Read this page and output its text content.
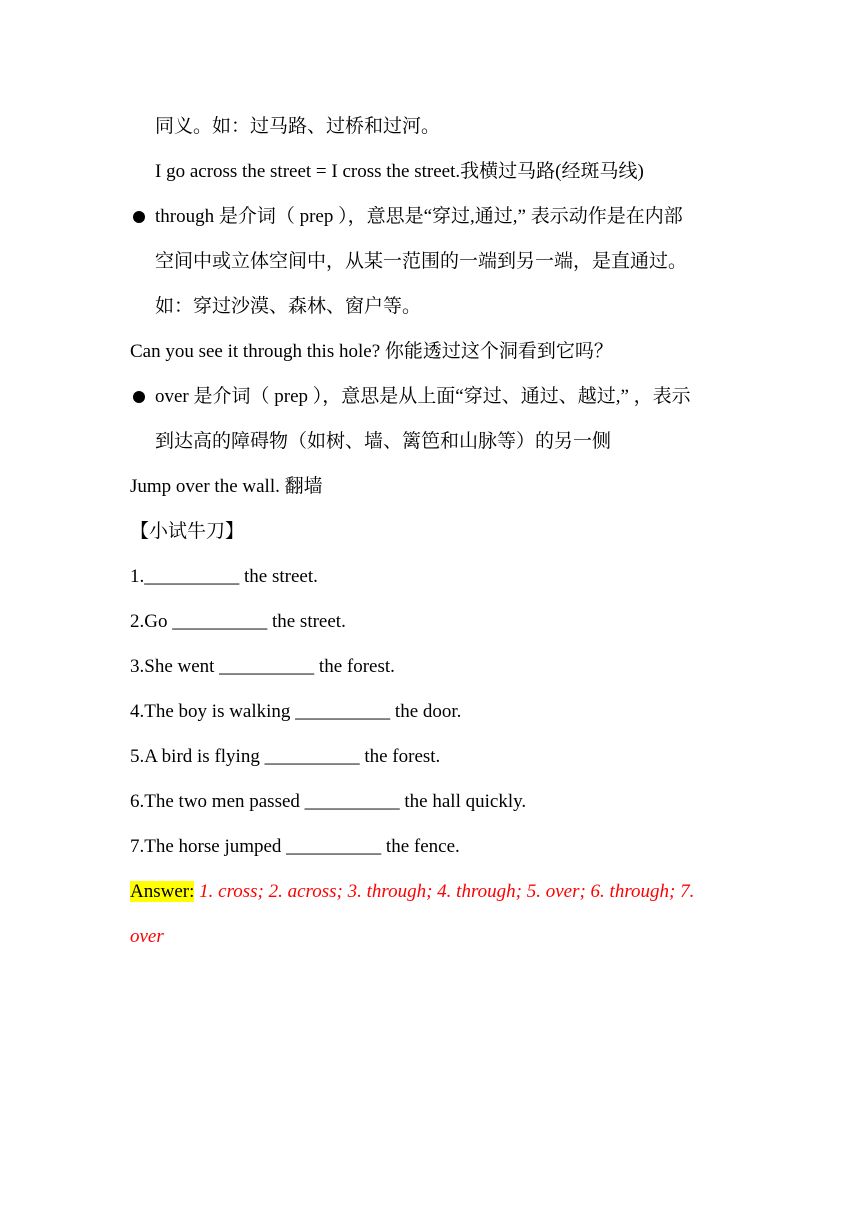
同义。如：过马路、过桥和过河。
I go across the street = I cross the street.我横过马路(经斑马线)
through 是介词（ prep ），意思是“穿过,通过,” 表示动作是在内部
空间中或立体空间中，从某一范围的一端到另一端，是直通过。
如：穿过沙漠、森林、窗户等。
Can you see it through this hole? 你能透过这个洞看到它吗？
over 是介词（ prep ），意思是从上面“穿过、通过、越过,” ，表示
到达高的障碍物（如树、墙、篱笆和山脉等）的另一侧
Jump over the wall. 翻墙
【小试牛刀】
1.__________ the street.
2.Go __________ the street.
3.She went __________ the forest.
4.The boy is walking __________ the door.
5.A bird is flying __________ the forest.
6.The two men passed __________ the hall quickly.
7.The horse jumped __________ the fence.
Answer: 1. cross; 2. across; 3. through; 4. through; 5. over; 6. through; 7.
over
